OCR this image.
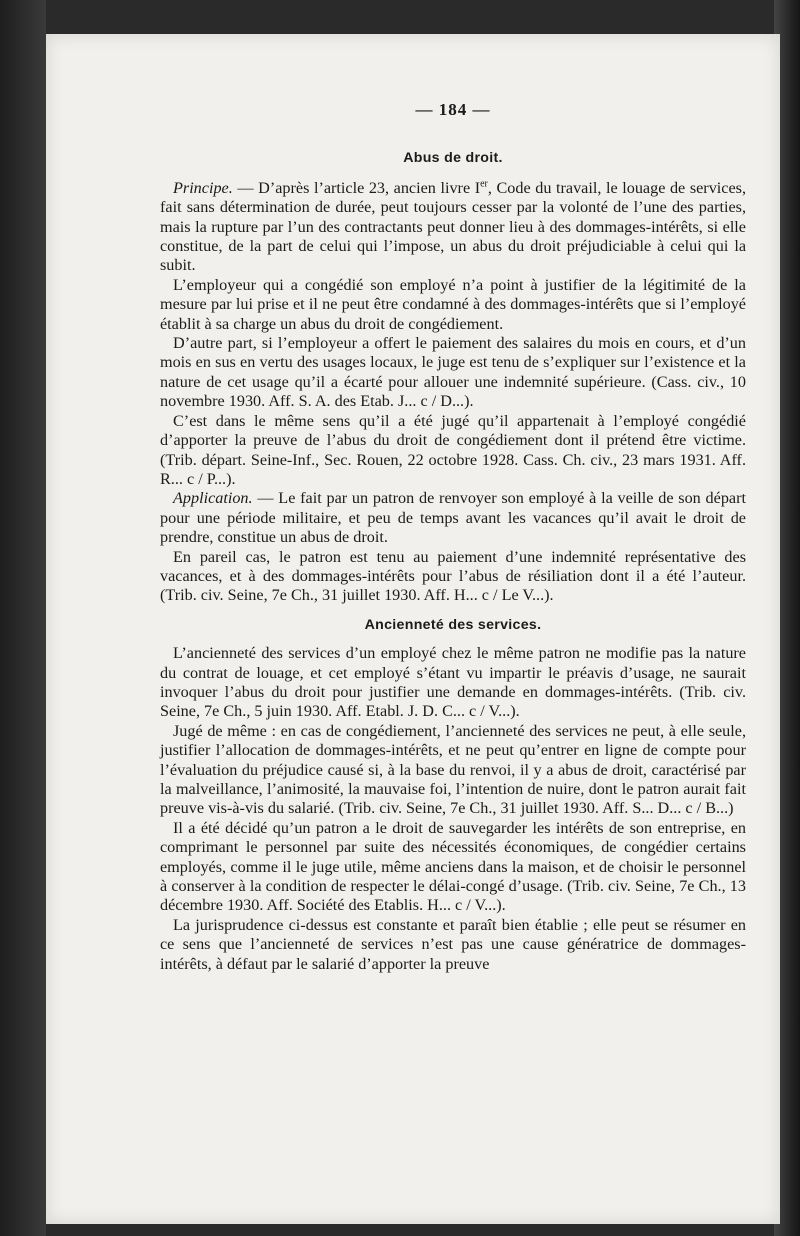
— 184 —
Abus de droit.

Principe. — D’après l’article 23, ancien livre Ier, Code du travail, le louage de services, fait sans détermination de durée, peut toujours cesser par la volonté de l’une des parties, mais la rupture par l’un des contractants peut donner lieu à des dommages-intérêts, si elle constitue, de la part de celui qui l’impose, un abus du droit préjudiciable à celui qui la subit.

L’employeur qui a congédié son employé n’a point à justifier de la légitimité de la mesure par lui prise et il ne peut être condamné à des dommages-intérêts que si l’employé établit à sa charge un abus du droit de congédiement.

D’autre part, si l’employeur a offert le paiement des salaires du mois en cours, et d’un mois en sus en vertu des usages locaux, le juge est tenu de s’expliquer sur l’existence et la nature de cet usage qu’il a écarté pour allouer une indemnité supérieure. (Cass. civ., 10 novembre 1930. Aff. S. A. des Etab. J... c / D...).

C’est dans le même sens qu’il a été jugé qu’il appartenait à l’employé congédié d’apporter la preuve de l’abus du droit de congédiement dont il prétend être victime. (Trib. départ. Seine-Inf., Sec. Rouen, 22 octobre 1928. Cass. Ch. civ., 23 mars 1931. Aff. R... c / P...).

Application. — Le fait par un patron de renvoyer son employé à la veille de son départ pour une période militaire, et peu de temps avant les vacances qu’il avait le droit de prendre, constitue un abus de droit.

En pareil cas, le patron est tenu au paiement d’une indemnité représentative des vacances, et à des dommages-intérêts pour l’abus de résiliation dont il a été l’auteur. (Trib. civ. Seine, 7e Ch., 31 juillet 1930. Aff. H... c / Le V...).

Ancienneté des services.

L’ancienneté des services d’un employé chez le même patron ne modifie pas la nature du contrat de louage, et cet employé s’étant vu impartir le préavis d’usage, ne saurait invoquer l’abus du droit pour justifier une demande en dommages-intérêts. (Trib. civ. Seine, 7e Ch., 5 juin 1930. Aff. Etabl. J. D. C... c / V...).

Jugé de même : en cas de congédiement, l’ancienneté des services ne peut, à elle seule, justifier l’allocation de dommages-intérêts, et ne peut qu’entrer en ligne de compte pour l’évaluation du préjudice causé si, à la base du renvoi, il y a abus de droit, caractérisé par la malveillance, l’animosité, la mauvaise foi, l’intention de nuire, dont le patron aurait fait preuve vis-à-vis du salarié. (Trib. civ. Seine, 7e Ch., 31 juillet 1930. Aff. S... D... c / B...)

Il a été décidé qu’un patron a le droit de sauvegarder les intérêts de son entreprise, en comprimant le personnel par suite des nécessités économiques, de congédier certains employés, comme il le juge utile, même anciens dans la maison, et de choisir le personnel à conserver à la condition de respecter le délai-congé d’usage. (Trib. civ. Seine, 7e Ch., 13 décembre 1930. Aff. Société des Etablis. H... c / V...).

La jurisprudence ci-dessus est constante et paraît bien établie ; elle peut se résumer en ce sens que l’ancienneté de services n’est pas une cause génératrice de dommages-intérêts, à défaut par le salarié d’apporter la preuve
